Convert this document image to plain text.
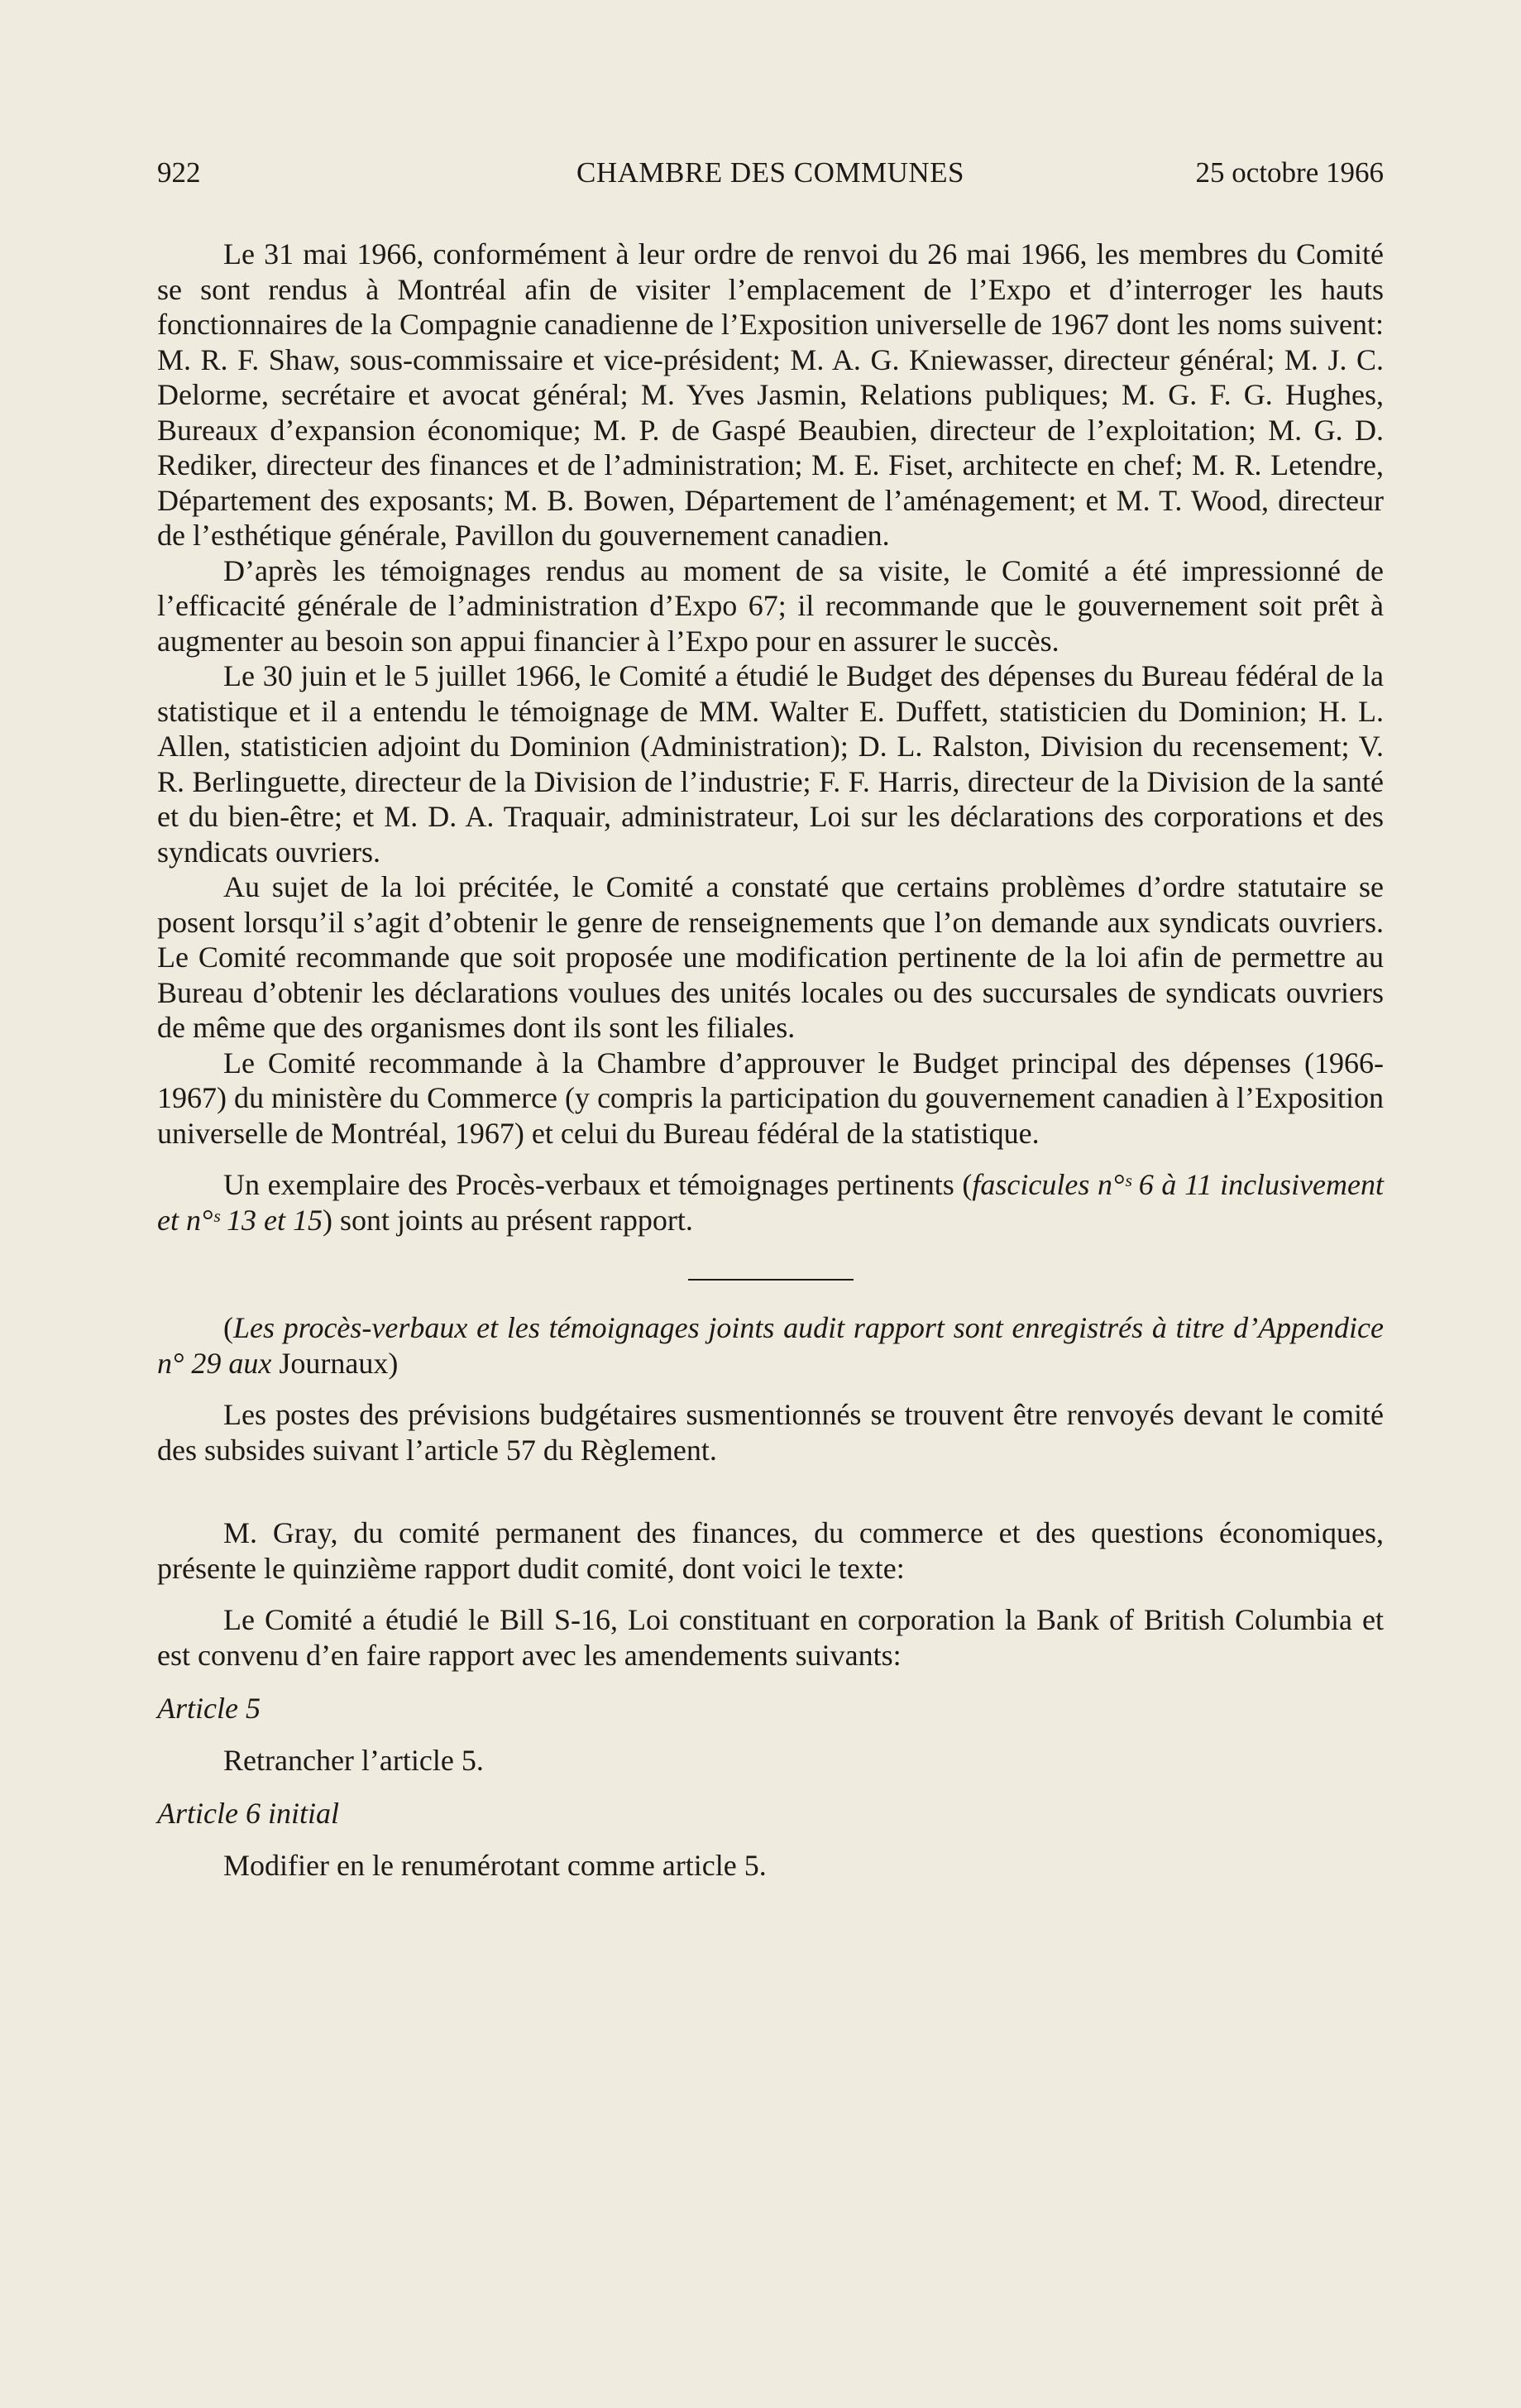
922	CHAMBRE DES COMMUNES	25 octobre 1966

Le 31 mai 1966, conformément à leur ordre de renvoi du 26 mai 1966, les membres du Comité se sont rendus à Montréal afin de visiter l’emplacement de l’Expo et d’interroger les hauts fonctionnaires de la Compagnie canadienne de l’Exposition universelle de 1967 dont les noms suivent: M. R. F. Shaw, sous-commissaire et vice-président; M. A. G. Kniewasser, directeur général; M. J. C. Delorme, secrétaire et avocat général; M. Yves Jasmin, Relations publiques; M. G. F. G. Hughes, Bureaux d’expansion économique; M. P. de Gaspé Beaubien, directeur de l’exploitation; M. G. D. Rediker, directeur des finances et de l’administration; M. E. Fiset, architecte en chef; M. R. Letendre, Département des exposants; M. B. Bowen, Département de l’aménagement; et M. T. Wood, directeur de l’esthétique générale, Pavillon du gouvernement canadien.

D’après les témoignages rendus au moment de sa visite, le Comité a été impressionné de l’efficacité générale de l’administration d’Expo 67; il recommande que le gouvernement soit prêt à augmenter au besoin son appui financier à l’Expo pour en assurer le succès.

Le 30 juin et le 5 juillet 1966, le Comité a étudié le Budget des dépenses du Bureau fédéral de la statistique et il a entendu le témoignage de MM. Walter E. Duffett, statisticien du Dominion; H. L. Allen, statisticien adjoint du Dominion (Administration); D. L. Ralston, Division du recensement; V. R. Berlinguette, directeur de la Division de l’industrie; F. F. Harris, directeur de la Division de la santé et du bien-être; et M. D. A. Traquair, administrateur, Loi sur les déclarations des corporations et des syndicats ouvriers.

Au sujet de la loi précitée, le Comité a constaté que certains problèmes d’ordre statutaire se posent lorsqu’il s’agit d’obtenir le genre de renseignements que l’on demande aux syndicats ouvriers. Le Comité recommande que soit proposée une modification pertinente de la loi afin de permettre au Bureau d’obtenir les déclarations voulues des unités locales ou des succursales de syndicats ouvriers de même que des organismes dont ils sont les filiales.

Le Comité recommande à la Chambre d’approuver le Budget principal des dépenses (1966-1967) du ministère du Commerce (y compris la participation du gouvernement canadien à l’Exposition universelle de Montréal, 1967) et celui du Bureau fédéral de la statistique.

Un exemplaire des Procès-verbaux et témoignages pertinents (fascicules n°ˢ 6 à 11 inclusivement et n°ˢ 13 et 15) sont joints au présent rapport.

(Les procès-verbaux et les témoignages joints audit rapport sont enregistrés à titre d’Appendice n° 29 aux Journaux)

Les postes des prévisions budgétaires susmentionnés se trouvent être renvoyés devant le comité des subsides suivant l’article 57 du Règlement.

M. Gray, du comité permanent des finances, du commerce et des questions économiques, présente le quinzième rapport dudit comité, dont voici le texte:

Le Comité a étudié le Bill S-16, Loi constituant en corporation la Bank of British Columbia et est convenu d’en faire rapport avec les amendements suivants:

Article 5

Retrancher l’article 5.

Article 6 initial

Modifier en le renumérotant comme article 5.
